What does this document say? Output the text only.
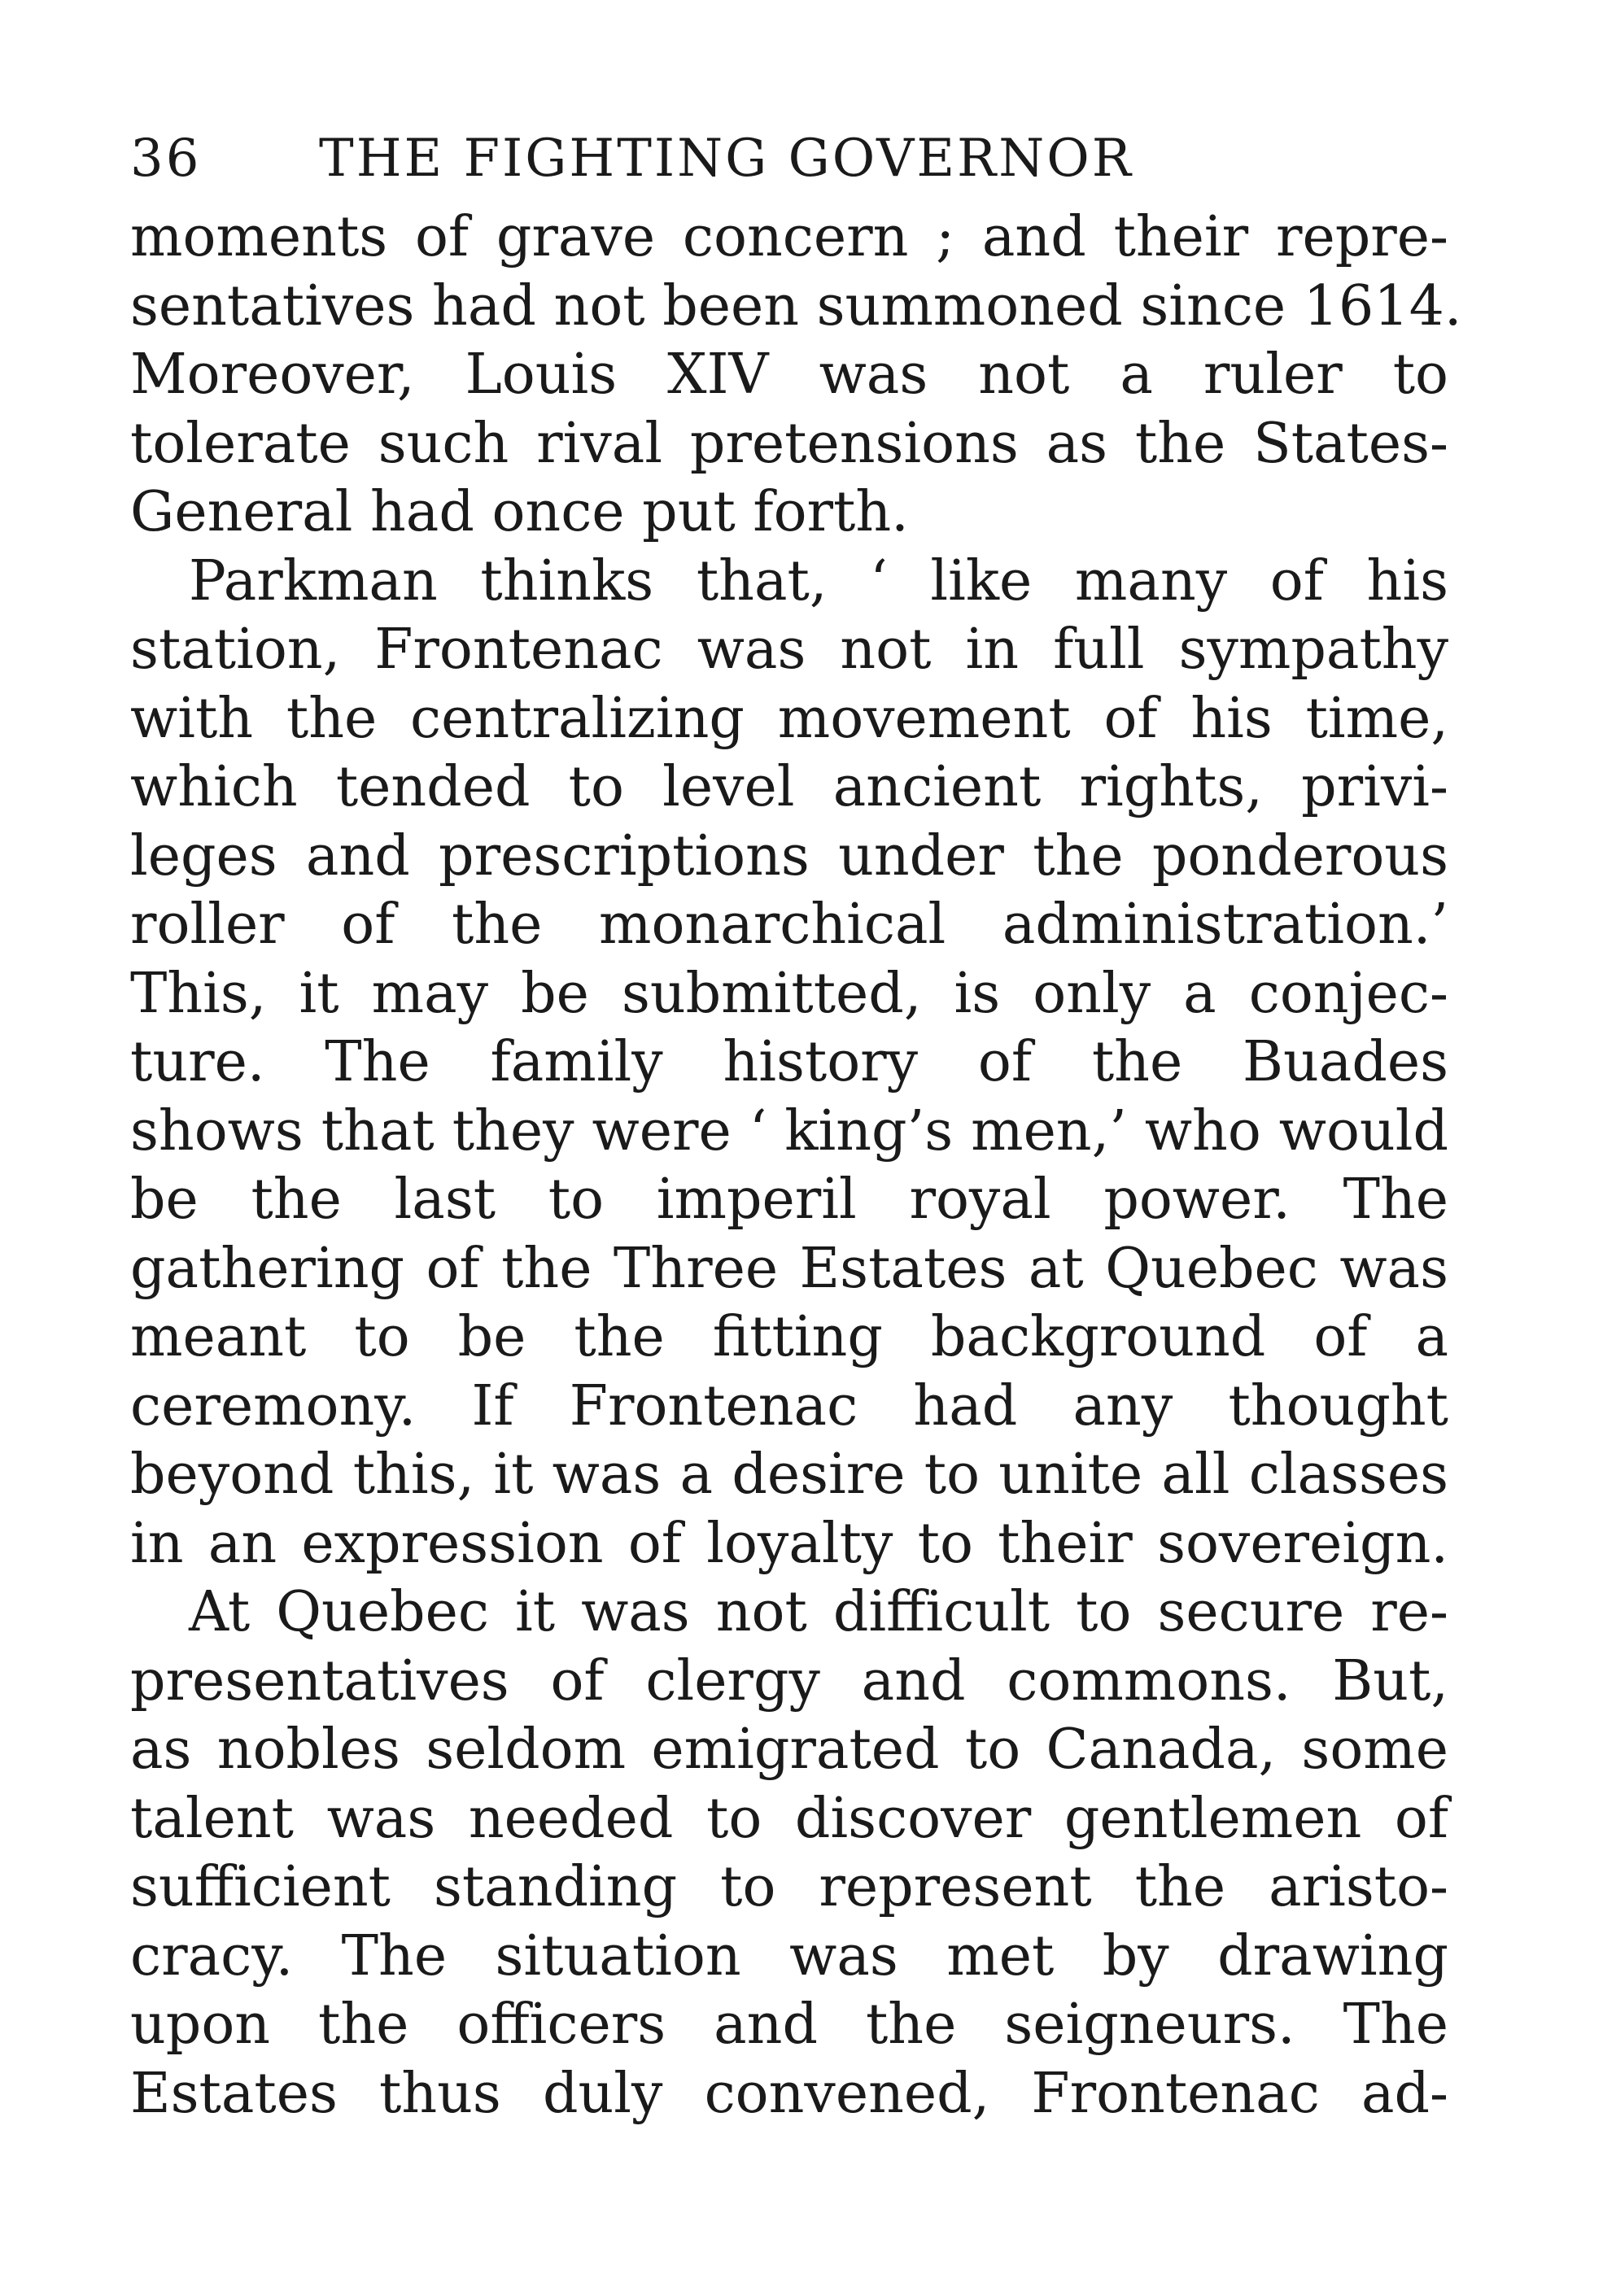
36 THE FIGHTING GOVERNOR
moments of grave concern ; and their repre-
sentatives had not been summoned since 1614.
Moreover, Louis XIV was not a ruler to
tolerate such rival pretensions as the States-
General had once put forth.
Parkman thinks that, ‘ like many of his
station, Frontenac was not in full sympathy
with the centralizing movement of his time,
which tended to level ancient rights, privi-
leges and prescriptions under the ponderous
roller of the monarchical administration.’
This, it may be submitted, is only a conjec-
ture. The family history of the Buades
shows that they were ‘ king’s men,’ who would
be the last to imperil royal power. The
gathering of the Three Estates at Quebec was
meant to be the fitting background of a
ceremony. If Frontenac had any thought
beyond this, it was a desire to unite all classes
in an expression of loyalty to their sovereign.
At Quebec it was not difficult to secure re-
presentatives of clergy and commons. But,
as nobles seldom emigrated to Canada, some
talent was needed to discover gentlemen of
sufficient standing to represent the aristo-
cracy. The situation was met by drawing
upon the officers and the seigneurs. The
Estates thus duly convened, Frontenac ad-
